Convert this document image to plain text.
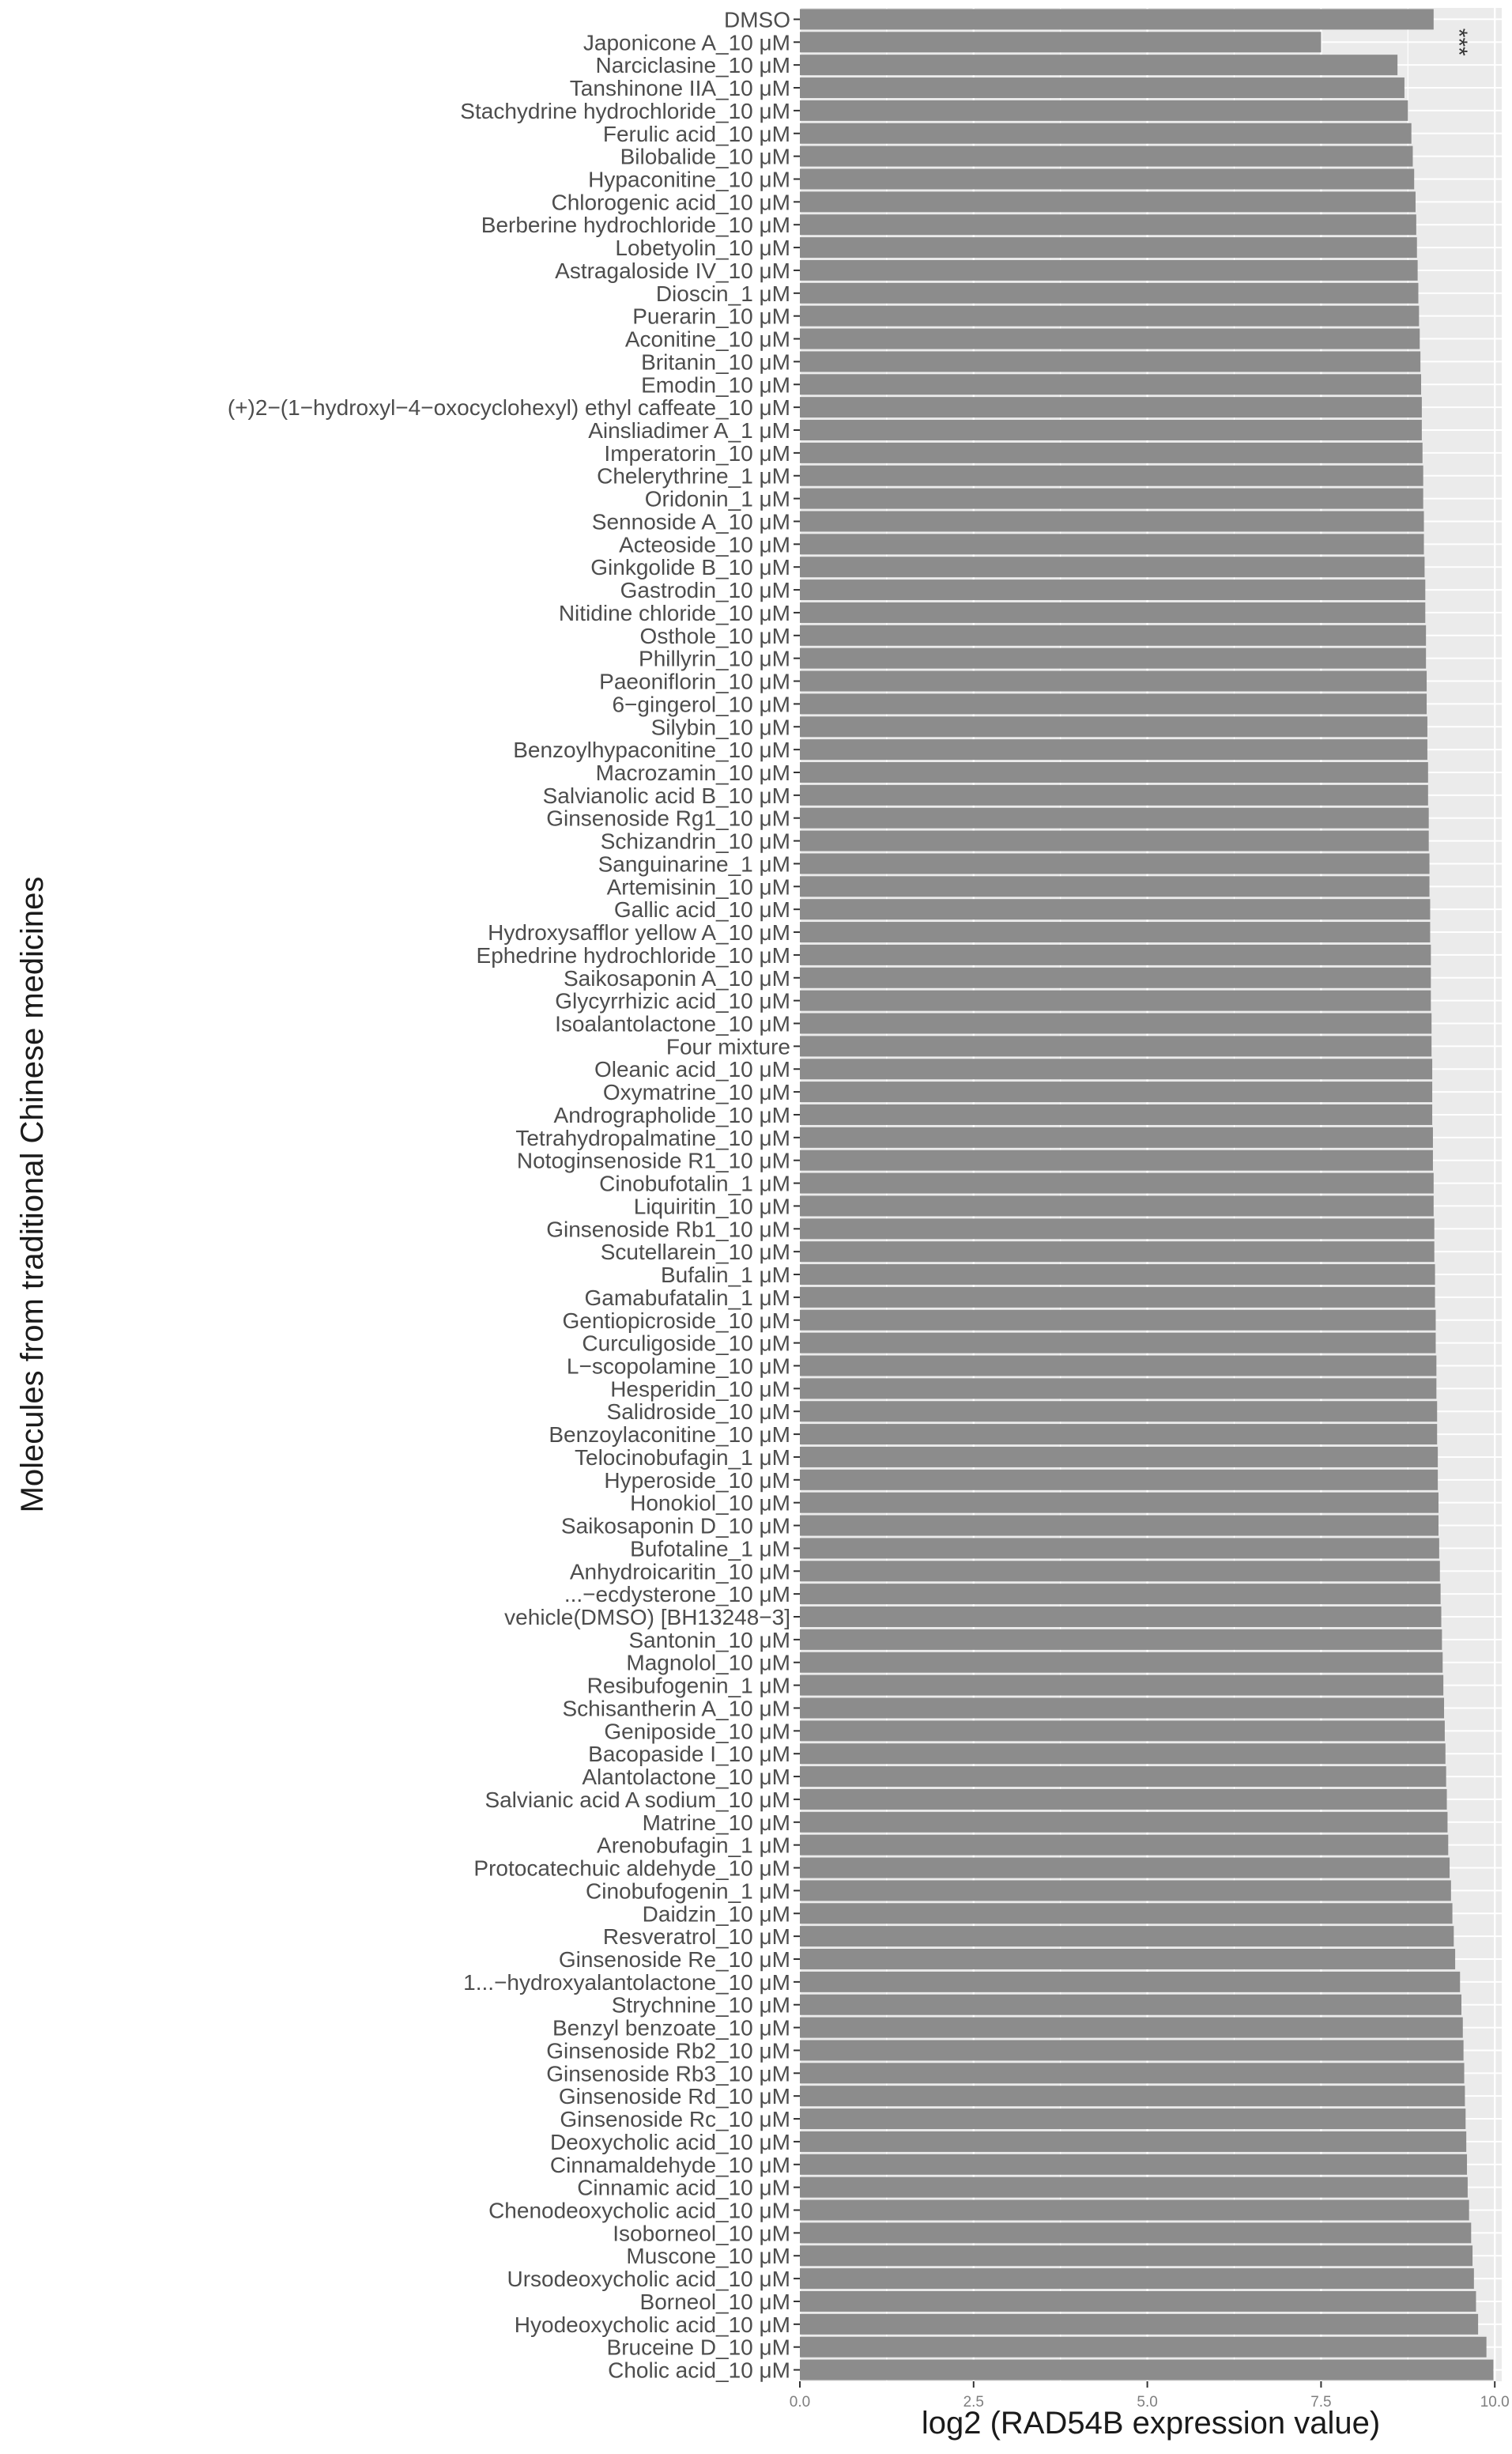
DMSO
Japonicone A_10 μM
Narciclasine_10 μM
Tanshinone IIA_10 μM
Stachydrine hydrochloride_10 μM
Ferulic acid_10 μM
Bilobalide_10 μM
Hypaconitine_10 μM
Chlorogenic acid_10 μM
Berberine hydrochloride_10 μM
Lobetyolin_10 μM
Astragaloside IV_10 μM
Dioscin_1 μM
Puerarin_10 μM
Aconitine_10 μM
Britanin_10 μM
Emodin_10 μM
(+)2−(1−hydroxyl−4−oxocyclohexyl) ethyl caffeate_10 μM
Ainsliadimer A_1 μM
Imperatorin_10 μM
Chelerythrine_1 μM
Oridonin_1 μM
Sennoside A_10 μM
Acteoside_10 μM
Ginkgolide B_10 μM
Gastrodin_10 μM
Nitidine chloride_10 μM
Osthole_10 μM
Phillyrin_10 μM
Paeoniflorin_10 μM
6−gingerol_10 μM
Silybin_10 μM
Benzoylhypaconitine_10 μM
Macrozamin_10 μM
Salvianolic acid B_10 μM
Ginsenoside Rg1_10 μM
Schizandrin_10 μM
Sanguinarine_1 μM
Artemisinin_10 μM
Gallic acid_10 μM
Hydroxysafflor yellow A_10 μM
Ephedrine hydrochloride_10 μM
Saikosaponin A_10 μM
Glycyrrhizic acid_10 μM
Isoalantolactone_10 μM
Four mixture
Oleanic acid_10 μM
Oxymatrine_10 μM
Andrographolide_10 μM
Tetrahydropalmatine_10 μM
Notoginsenoside R1_10 μM
Cinobufotalin_1 μM
Liquiritin_10 μM
Ginsenoside Rb1_10 μM
Scutellarein_10 μM
Bufalin_1 μM
Gamabufatalin_1 μM
Gentiopicroside_10 μM
Curculigoside_10 μM
L−scopolamine_10 μM
Hesperidin_10 μM
Salidroside_10 μM
Benzoylaconitine_10 μM
Telocinobufagin_1 μM
Hyperoside_10 μM
Honokiol_10 μM
Saikosaponin D_10 μM
Bufotaline_1 μM
Anhydroicaritin_10 μM
...−ecdysterone_10 μM
vehicle(DMSO) [BH13248−3]
Santonin_10 μM
Magnolol_10 μM
Resibufogenin_1 μM
Schisantherin A_10 μM
Geniposide_10 μM
Bacopaside I_10 μM
Alantolactone_10 μM
Salvianic acid A sodium_10 μM
Matrine_10 μM
Arenobufagin_1 μM
Protocatechuic aldehyde_10 μM
Cinobufogenin_1 μM
Daidzin_10 μM
Resveratrol_10 μM
Ginsenoside Re_10 μM
1...−hydroxyalantolactone_10 μM
Strychnine_10 μM
Benzyl benzoate_10 μM
Ginsenoside Rb2_10 μM
Ginsenoside Rb3_10 μM
Ginsenoside Rd_10 μM
Ginsenoside Rc_10 μM
Deoxycholic acid_10 μM
Cinnamaldehyde_10 μM
Cinnamic acid_10 μM
Chenodeoxycholic acid_10 μM
Isoborneol_10 μM
Muscone_10 μM
Ursodeoxycholic acid_10 μM
Borneol_10 μM
Hyodeoxycholic acid_10 μM
Bruceine D_10 μM
Cholic acid_10 μM
0.0	2.5	5.0	7.5	10.0
***
log2 (RAD54B expression value)
Molecules from traditional Chinese medicines
